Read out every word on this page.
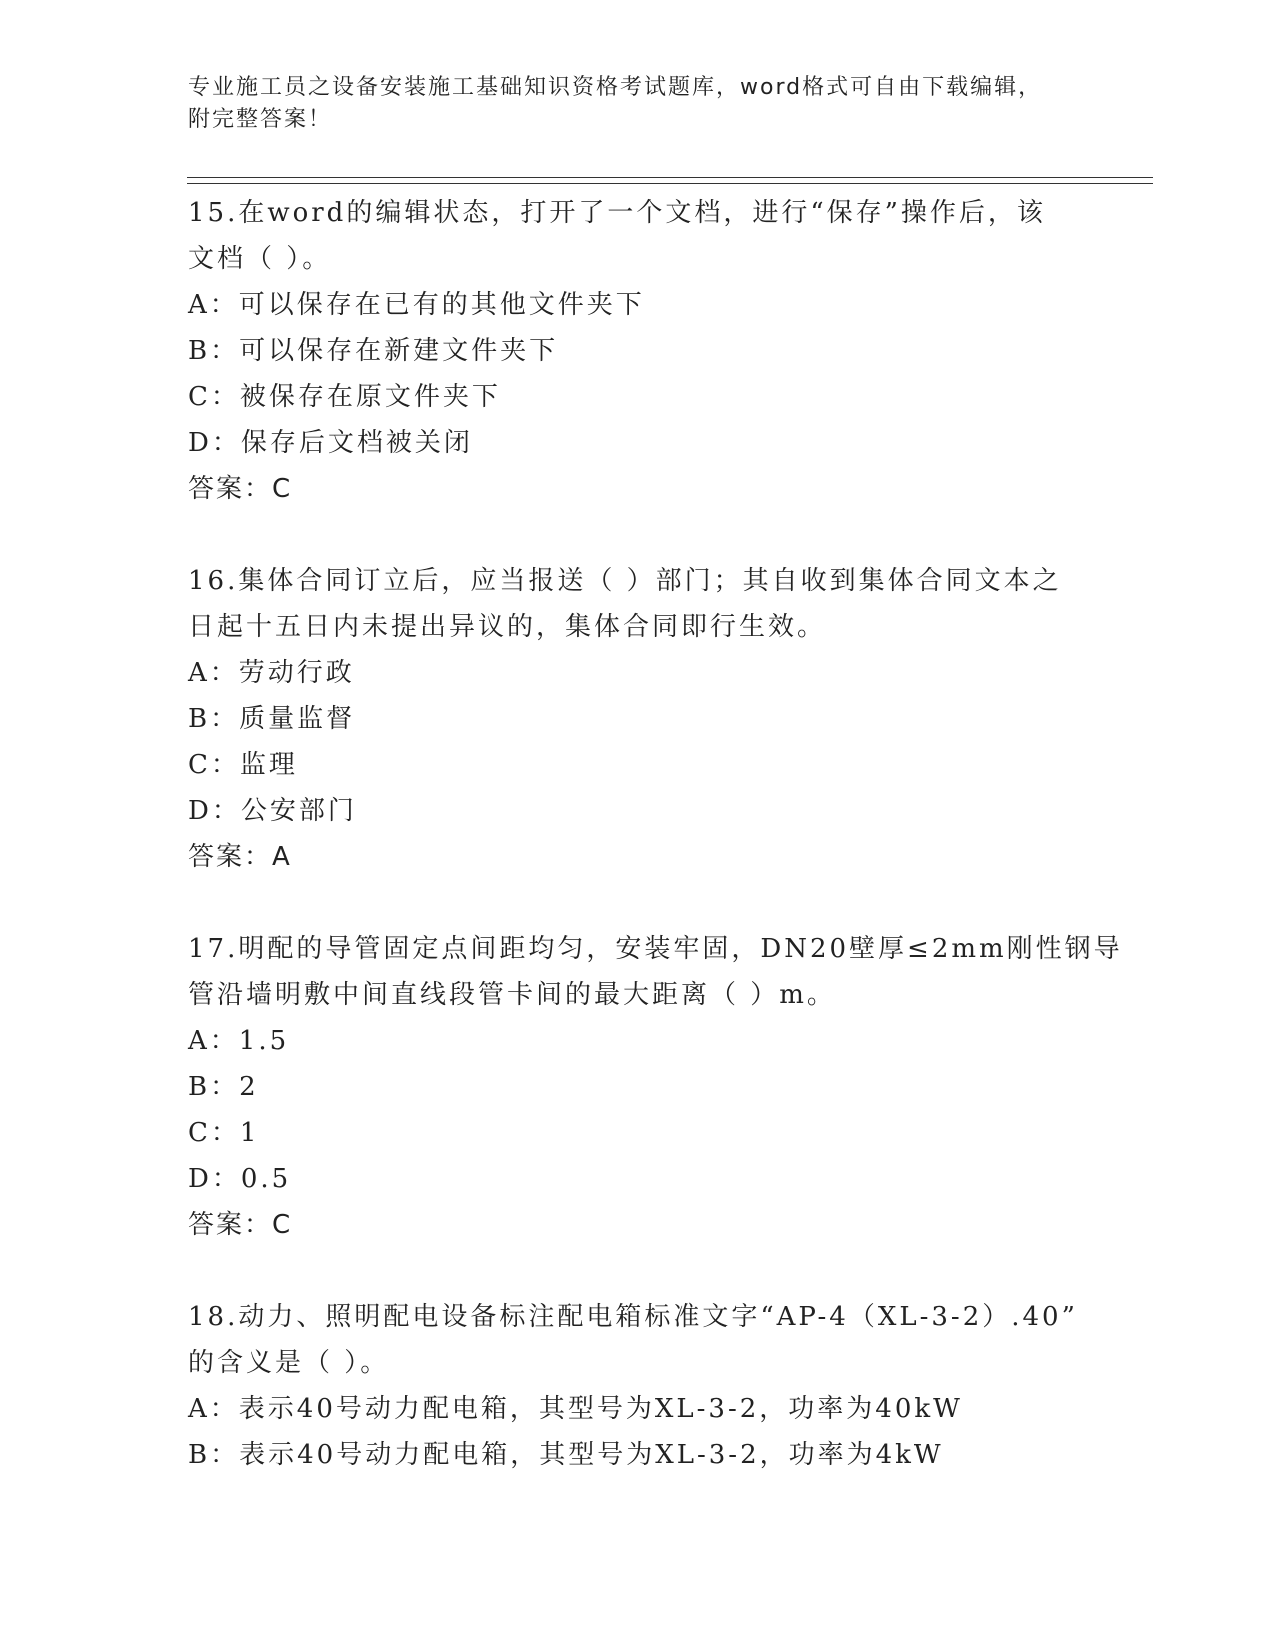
专业施工员之设备安装施工基础知识资格考试题库，word格式可自由下载编辑，
附完整答案！
15.在word的编辑状态，打开了一个文档，进行“保存”操作后，该
文档（ ）。
A：可以保存在已有的其他文件夹下
B：可以保存在新建文件夹下
C：被保存在原文件夹下
D：保存后文档被关闭
答案：C
16.集体合同订立后，应当报送（ ）部门；其自收到集体合同文本之
日起十五日内未提出异议的，集体合同即行生效。
A：劳动行政
B：质量监督
C：监理
D：公安部门
答案：A
17.明配的导管固定点间距均匀，安装牢固，DN20壁厚≤2mm刚性钢导
管沿墙明敷中间直线段管卡间的最大距离（ ）m。
A：1.5
B：2
C：1
D：0.5
答案：C
18.动力、照明配电设备标注配电箱标准文字“AP-4（XL-3-2）.40”
的含义是（ ）。
A：表示40号动力配电箱，其型号为XL-3-2，功率为40kW
B：表示40号动力配电箱，其型号为XL-3-2，功率为4kW
